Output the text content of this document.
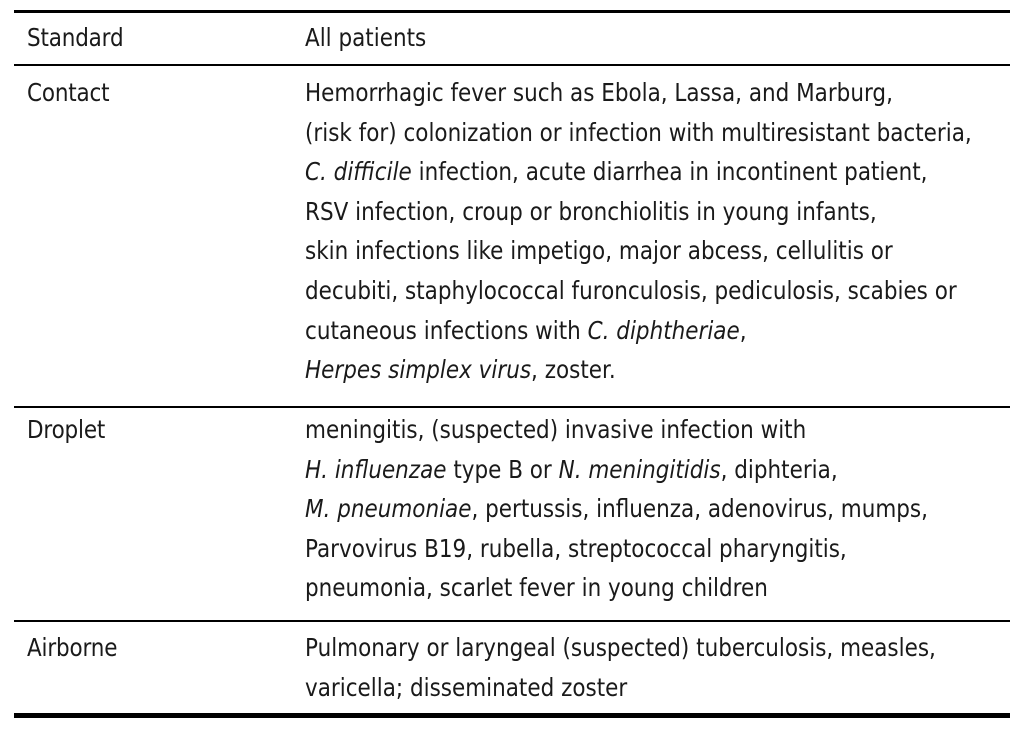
Standard	All patients
Contact	Hemorrhagic fever such as Ebola, Lassa, and Marburg,
(risk for) colonization or infection with multiresistant bacteria,
C. difficile infection, acute diarrhea in incontinent patient,
RSV infection, croup or bronchiolitis in young infants,
skin infections like impetigo, major abcess, cellulitis or
decubiti, staphylococcal furonculosis, pediculosis, scabies or
cutaneous infections with C. diphtheriae,
Herpes simplex virus, zoster.
Droplet	meningitis, (suspected) invasive infection with
H. influenzae type B or N. meningitidis, diphteria,
M. pneumoniae, pertussis, influenza, adenovirus, mumps,
Parvovirus B19, rubella, streptococcal pharyngitis,
pneumonia, scarlet fever in young children
Airborne	Pulmonary or laryngeal (suspected) tuberculosis, measles,
varicella; disseminated zoster
